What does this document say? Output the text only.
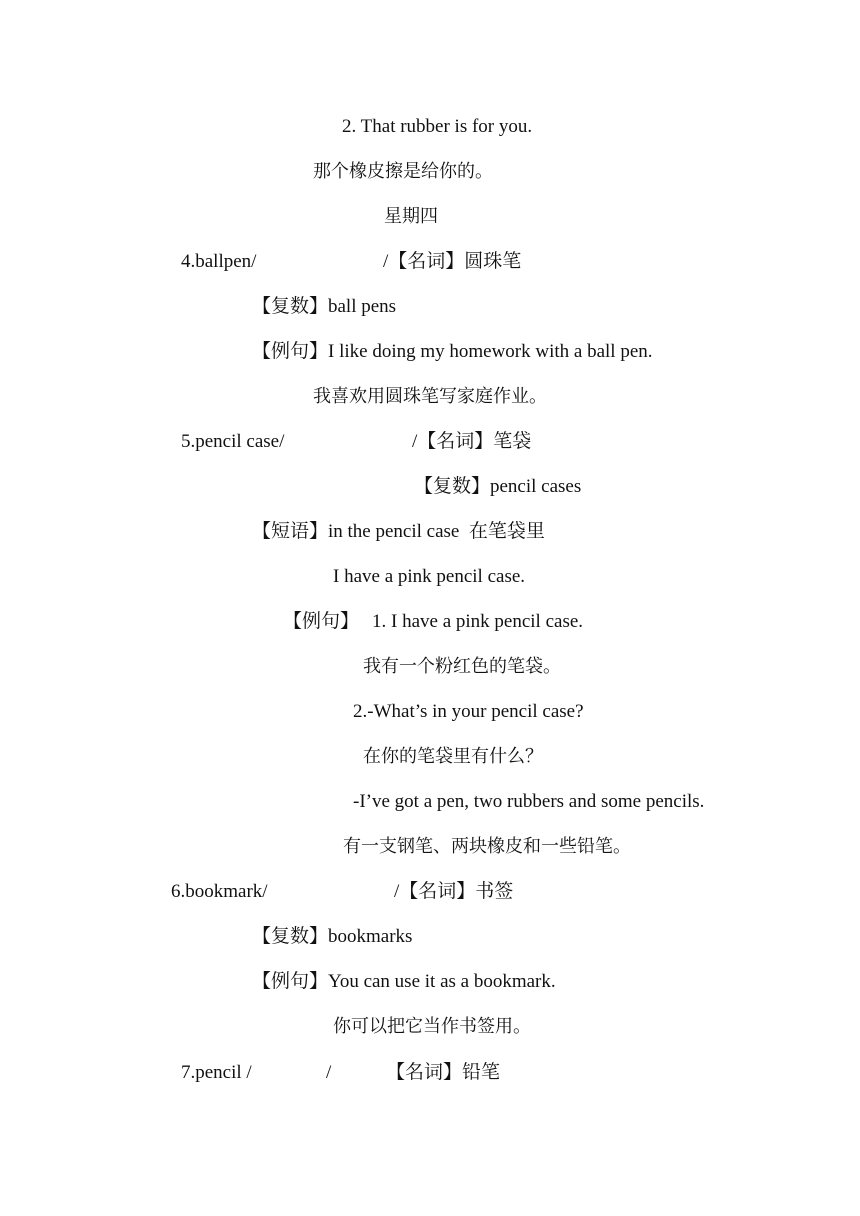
2. That rubber is for you.
那个橡皮擦是给你的。
星期四
4.ballpen/	/【名词】圆珠笔
【复数】ball pens
【例句】I like doing my homework with a ball pen.
我喜欢用圆珠笔写家庭作业。
5.pencil case/	/【名词】笔袋
【复数】pencil cases
【短语】in the pencil case  在笔袋里
I have a pink pencil case.
【例句】 1. I have a pink pencil case.
我有一个粉红色的笔袋。
2.-What’s in your pencil case?
在你的笔袋里有什么？
-I’ve got a pen, two rubbers and some pencils.
有一支钢笔、两块橡皮和一些铅笔。
6.bookmark/	/【名词】书签
【复数】bookmarks
【例句】You can use it as a bookmark.
你可以把它当作书签用。
7.pencil /	/	【名词】铅笔
